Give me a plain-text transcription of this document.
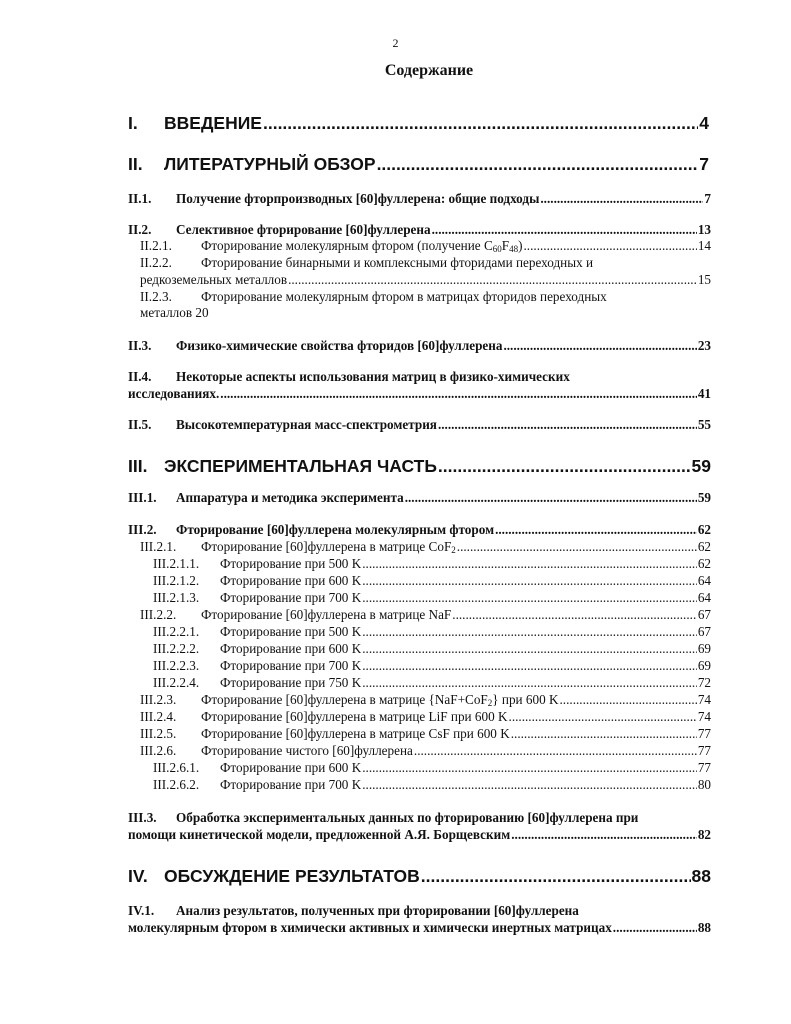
2
Содержание
I.	ВВЕДЕНИЕ .....	4
II.	ЛИТЕРАТУРНЫЙ ОБЗОР .....	7
II.1.	Получение фторпроизводных [60]фуллерена: общие подходы .....	7
II.2.	Селективное фторирование [60]фуллерена .....	13
II.2.1.	Фторирование молекулярным фтором (получение $C_{60}F_{48}$) .....	14
II.2.2. Фторирование бинарными и комплексными фторидами переходных и
редкоземельных металлов .....	15
II.2.3. Фторирование молекулярным фтором в матрицах фторидов переходных
металлов 20
II.3.	Физико-химические свойства фторидов [60]фуллерена .....	23
II.4. Некоторые аспекты использования матриц в физико-химических
исследованиях. .....	41
II.5.	Высокотемпературная масс-спектрометрия .....	55
III. ЭКСПЕРИМЕНТАЛЬНАЯ ЧАСТЬ .....	59
III.1.	Аппаратура и методика эксперимента .....	59
III.2.	Фторирование [60]фуллерена молекулярным фтором .....	62
III.2.1.	Фторирование [60]фуллерена в матрице CoF$_2$ .....	62
III.2.1.1.	Фторирование при 500 K .....	62
III.2.1.2.	Фторирование при 600 K .....	64
III.2.1.3.	Фторирование при 700 K .....	64
III.2.2.	Фторирование [60]фуллерена в матрице NaF .....	67
III.2.2.1.	Фторирование при 500 K .....	67
III.2.2.2.	Фторирование при 600 K .....	69
III.2.2.3.	Фторирование при 700 K .....	69
III.2.2.4.	Фторирование при 750 K .....	72
III.2.3.	Фторирование [60]фуллерена в матрице {NaF+CoF$_2$} при 600 K .....	74
III.2.4.	Фторирование [60]фуллерена в матрице LiF при 600 K .....	74
III.2.5.	Фторирование [60]фуллерена в матрице CsF при 600 K .....	77
III.2.6.	Фторирование чистого [60]фуллерена .....	77
III.2.6.1.	Фторирование при 600 K .....	77
III.2.6.2.	Фторирование при 700 K .....	80
III.3. Обработка экспериментальных данных по фторированию [60]фуллерена при
помощи кинетической модели, предложенной А.Я. Борщевским .....	82
IV. ОБСУЖДЕНИЕ РЕЗУЛЬТАТОВ .....	88
IV.1. Анализ результатов, полученных при фторировании [60]фуллерена
молекулярным фтором в химически активных и химически инертных матрицах .....	88
